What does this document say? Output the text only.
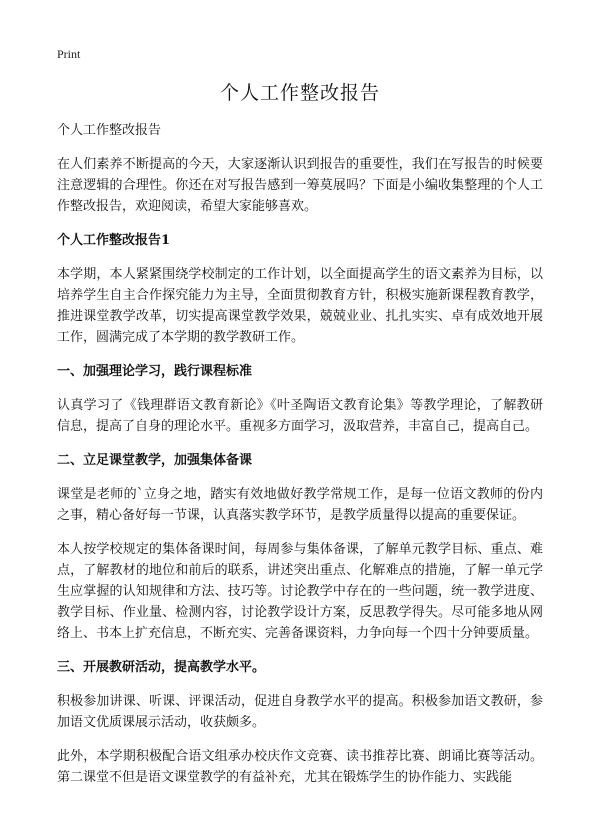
Print
个人工作整改报告

个人工作整改报告

在人们素养不断提高的今天，大家逐渐认识到报告的重要性，我们在写报告的时候要注意逻辑的合理性。你还在对写报告感到一筹莫展吗？下面是小编收集整理的个人工作整改报告，欢迎阅读，希望大家能够喜欢。

个人工作整改报告1

本学期，本人紧紧围绕学校制定的工作计划，以全面提高学生的语文素养为目标，以培养学生自主合作探究能力为主导，全面贯彻教育方针，积极实施新课程教育教学，推进课堂教学改革，切实提高课堂教学效果，兢兢业业、扎扎实实、卓有成效地开展工作，圆满完成了本学期的教学教研工作。

一、加强理论学习，践行课程标准

认真学习了《钱理群语文教育新论》《叶圣陶语文教育论集》等教学理论，了解教研信息，提高了自身的理论水平。重视多方面学习，汲取营养，丰富自己，提高自己。

二、立足课堂教学，加强集体备课

课堂是老师的`立身之地，踏实有效地做好教学常规工作，是每一位语文教师的份内之事，精心备好每一节课，认真落实教学环节，是教学质量得以提高的重要保证。

本人按学校规定的集体备课时间，每周参与集体备课，了解单元教学目标、重点、难点，了解教材的地位和前后的联系，讲述突出重点、化解难点的措施，了解一单元学生应掌握的认知规律和方法、技巧等。讨论教学中存在的一些问题，统一教学进度、教学目标、作业量、检测内容，讨论教学设计方案，反思教学得失。尽可能多地从网络上、书本上扩充信息，不断充实、完善备课资料，力争向每一个四十分钟要质量。

三、开展教研活动，提高教学水平。

积极参加讲课、听课、评课活动，促进自身教学水平的提高。积极参加语文教研，参加语文优质课展示活动，收获颇多。

此外，本学期积极配合语文组承办校庆作文竞赛、读书推荐比赛、朗诵比赛等活动。第二课堂不但是语文课堂教学的有益补充，尤其在锻炼学生的协作能力、实践能
